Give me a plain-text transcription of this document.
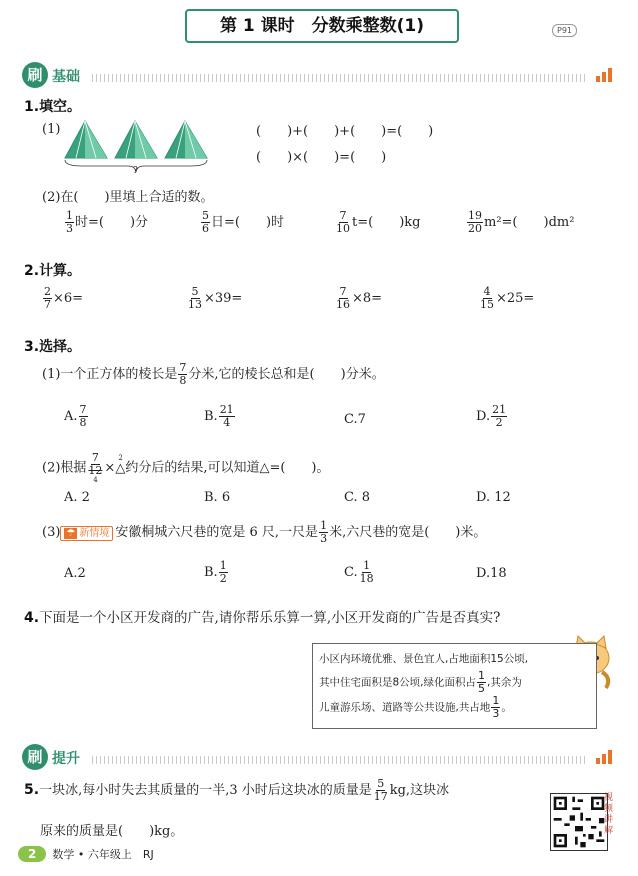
第 1 课时　分数乘整数(1)	P91
刷 基础
1.填空。
(1)
?
(　　)+(　　)+(　　)=(　　)
(　　)×(　　)=(　　)
(2)在(　　)里填上合适的数。
$\frac{1}{3}$ 时=(　　)分	$\frac{5}{6}$ 日=(　　)时	$\frac{7}{10} t=$(　　)kg	$\frac{19}{20} m^2=$(　　)dm²
2.计算。
$\frac{2}{7} \times 6=$	$\frac{5}{13} \times 39=$	$\frac{7}{16} \times 8=$	$\frac{4}{15} \times 25=$
3.选择。
(1)一个正方体的棱长是 $\frac{7}{8}$ 分米,它的棱长总和是(　　)分米。
A. $\frac{7}{8}$	B. $\frac{21}{4}$	C.7	D. $\frac{21}{2}$
(2)根据
7
12
4
×
2
△约分后的结果,可以知道△=(　　)。
A. 2	B. 6	C. 8	D. 12
(3) ☂ 新情境 安徽桐城六尺巷的宽是 6 尺,一尺是 $\frac{1}{3}$ 米,六尺巷的宽是(　　)米。
A.2	B. $\frac{1}{2}$	C. $\frac{1}{18}$	D.18
4.下面是一个小区开发商的广告,请你帮乐乐算一算,小区开发商的广告是否真实?
小区内环境优雅、景色宜人,占地面积15公顷,
其中住宅面积是8公顷,绿化面积占 $\frac{1}{5}$ ,其余为
儿童游乐场、道路等公共设施,共占地 $\frac{1}{3}$ 。
刷 提升
5.一块冰,每小时失去其质量的一半,3 小时后这块冰的质量是 $\frac{5}{17}$ kg,这块冰
原来的质量是(　　)kg。
视频讲解
2 数学 • 六年级上　RJ
